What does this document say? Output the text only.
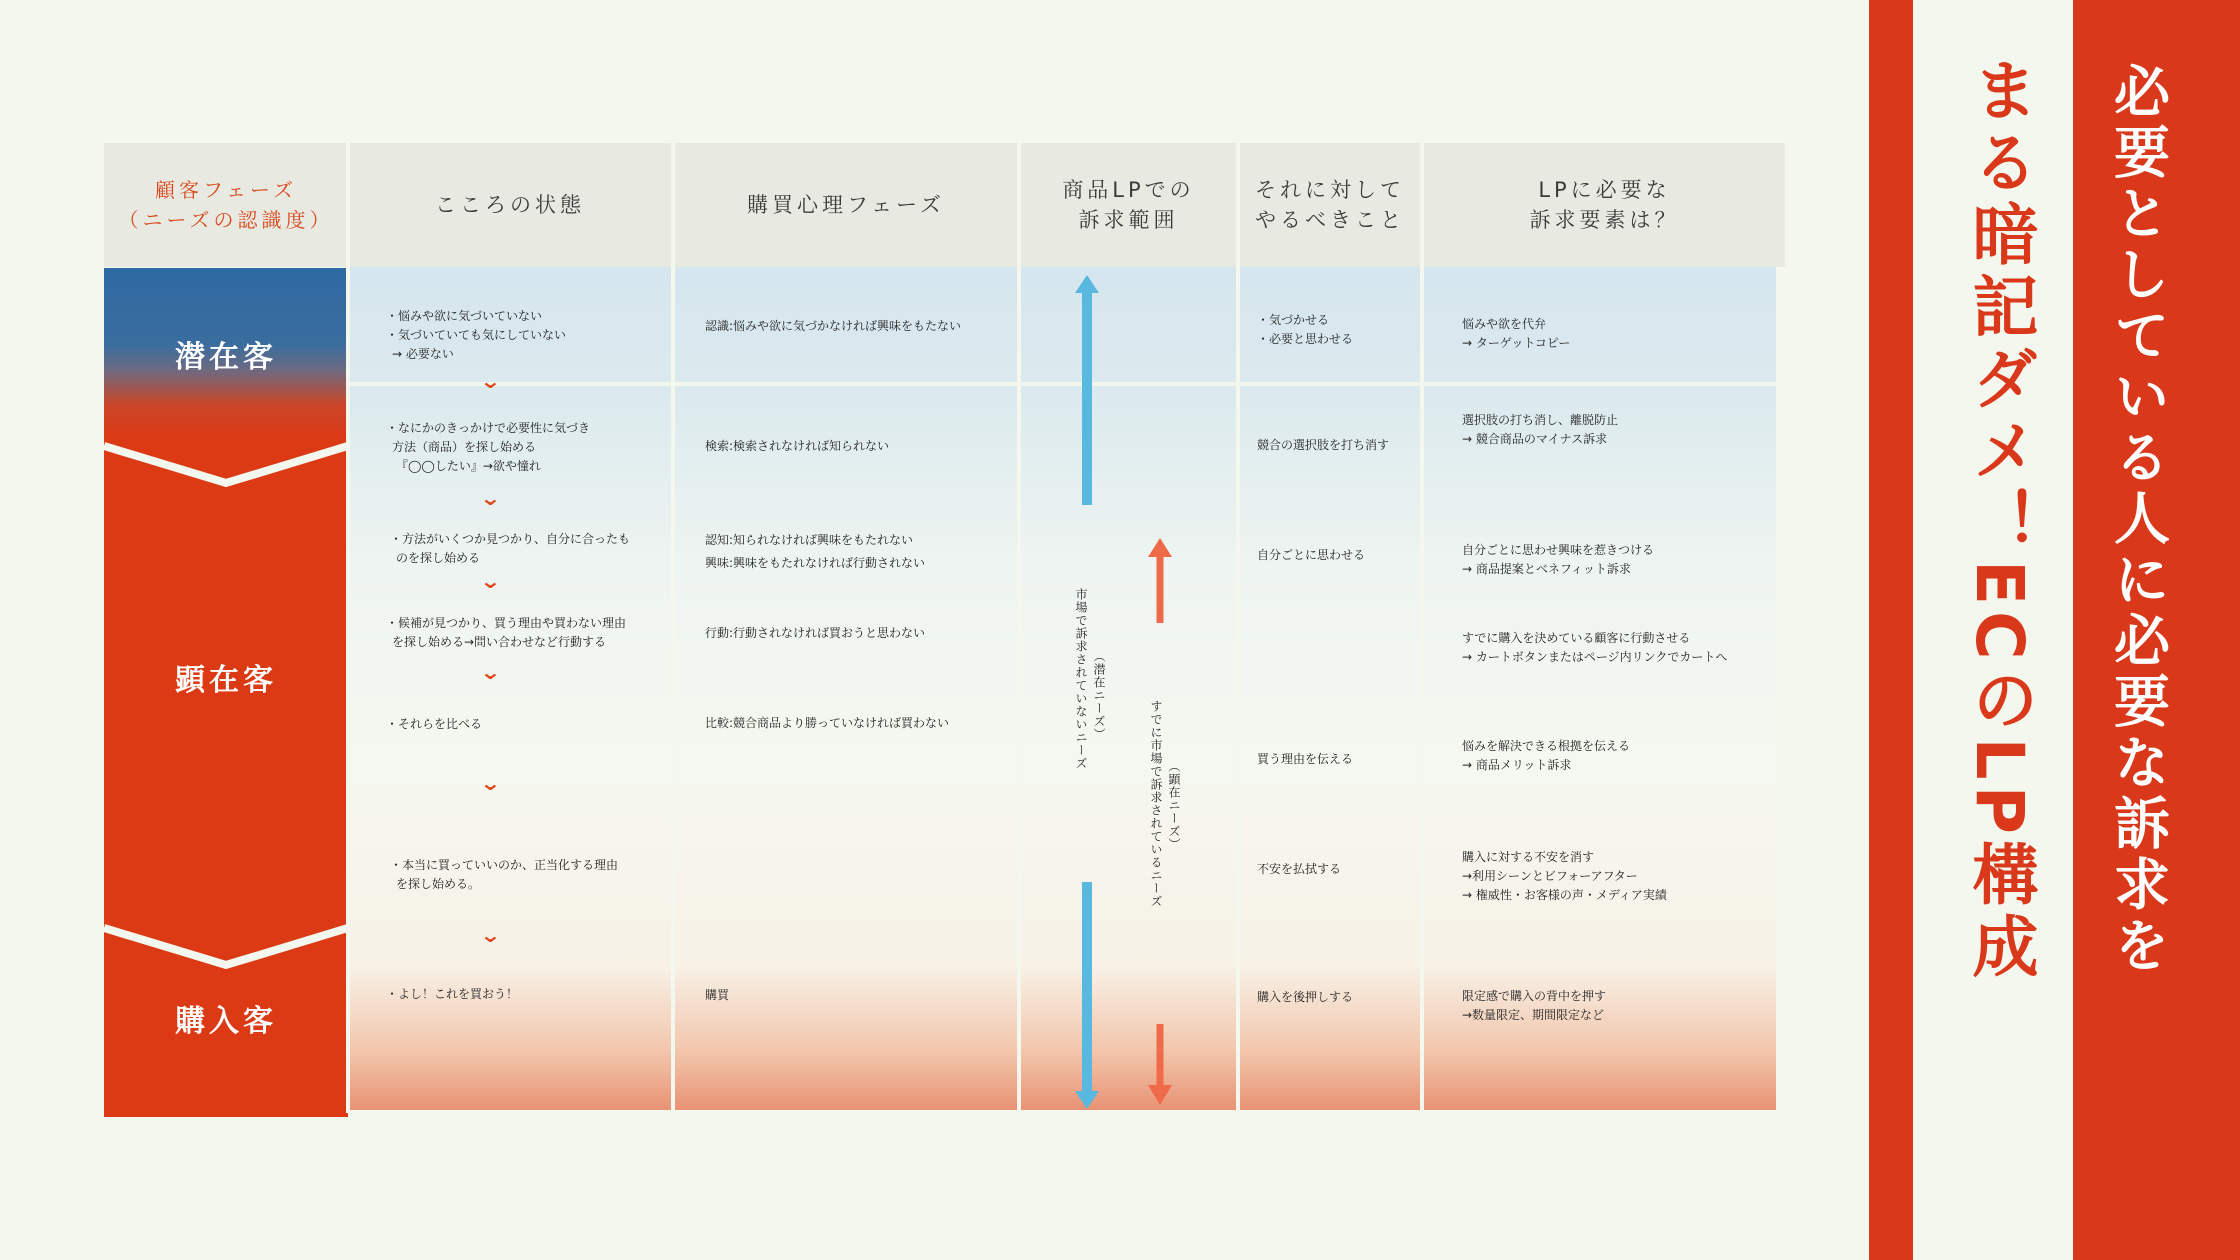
顧客フェーズ
（ニーズの認識度）
こころの状態	購買心理フェーズ
商品LPでの
訴求範囲
それに対して
やるべきこと
LPに必要な
訴求要素は？
潜在客
顕在客
購入客
・悩みや欲に気づいていない
・気づいていても気にしていない
→ 必要ない
⌄
・なにかのきっかけで必要性に気づき
方法（商品）を探し始める
『◯◯したい』→欲や憧れ
⌄
・方法がいくつか見つかり、自分に合ったも
のを探し始める
⌄
・候補が見つかり、買う理由や買わない理由
を探し始める→問い合わせなど行動する
⌄
・それらを比べる
⌄
・本当に買っていいのか、正当化する理由
を探し始める。
⌄
・よし！これを買おう！
認識:悩みや欲に気づかなければ興味をもたない
検索:検索されなければ知られない
認知:知られなければ興味をもたれない
興味:興味をもたれなければ行動されない
行動:行動されなければ買おうと思わない
比較:競合商品より勝っていなければ買わない
購買
市場で訴求されていないニーズ （潜在ニーズ）
すでに市場で訴求されているニーズ （顕在ニーズ）
・気づかせる
・必要と思わせる
競合の選択肢を打ち消す
自分ごとに思わせる
買う理由を伝える
不安を払拭する
購入を後押しする
悩みや欲を代弁
→ ターゲットコピー
選択肢の打ち消し、離脱防止
→ 競合商品のマイナス訴求
自分ごとに思わせ興味を惹きつける
→ 商品提案とベネフィット訴求
すでに購入を決めている顧客に行動させる
→ カートボタンまたはページ内リンクでカートへ
悩みを解決できる根拠を伝える
→ 商品メリット訴求
購入に対する不安を消す
→利用シーンとビフォーアフター
→ 権威性・お客様の声・メディア実績
限定感で購入の背中を押す
→数量限定、期間限定など
まる暗記ダメ！ECのLP構成 必要としている人に必要な訴求を
